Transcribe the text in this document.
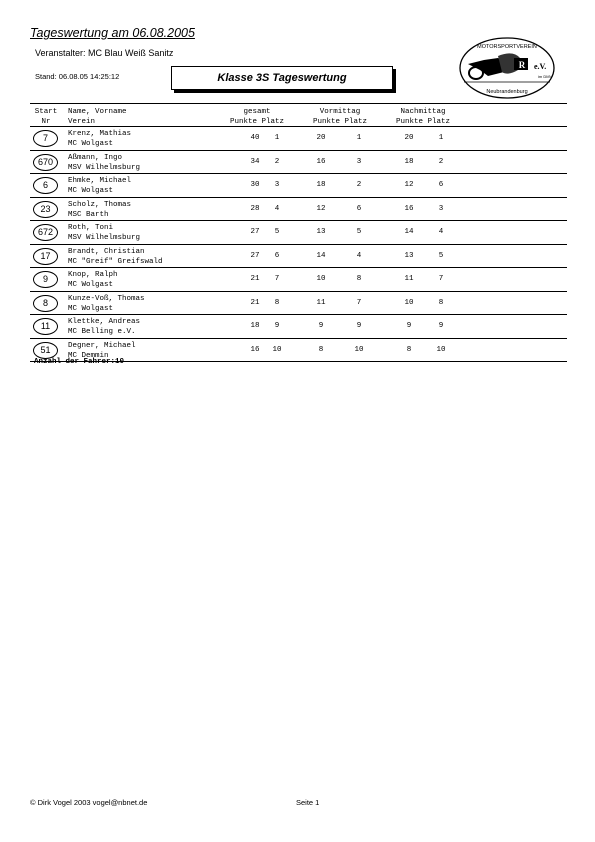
Tageswertung am 06.08.2005
Veranstalter: MC Blau Weiß Sanitz
Stand: 06.08.05 14:25:12	Klasse 3S Tageswertung
MOTORSPORTVEREIN
R e.V.
im DMV
Neubrandenburg
Start
Nr
Name, Vorname
Verein
gesamt
Punkte Platz
Vormittag
Punkte Platz
Nachmittag
Punkte Platz
7	Krenz, Mathias
MC Wolgast
40	1	20	1	20	1
670	Aßmann, Ingo
MSV Wilhelmsburg
34	2	16	3	18	2
6	Ehmke, Michael
MC Wolgast
30	3	18	2	12	6
23	Scholz, Thomas
MSC Barth
28	4	12	6	16	3
672	Roth, Toni
MSV Wilhelmsburg
27	5	13	5	14	4
17	Brandt, Christian
MC "Greif" Greifswald
27	6	14	4	13	5
9	Knop, Ralph
MC Wolgast
21	7	10	8	11	7
8	Kunze-Voß, Thomas
MC Wolgast
21	8	11	7	10	8
11	Klettke, Andreas
MC Belling e.V.
18	9	9	9	9	9
51	Degner, Michael
MC Demmin
16	10	8	10	8	10
Anzahl der Fahrer:10
© Dirk Vogel 2003 vogel@nbnet.de	Seite 1
